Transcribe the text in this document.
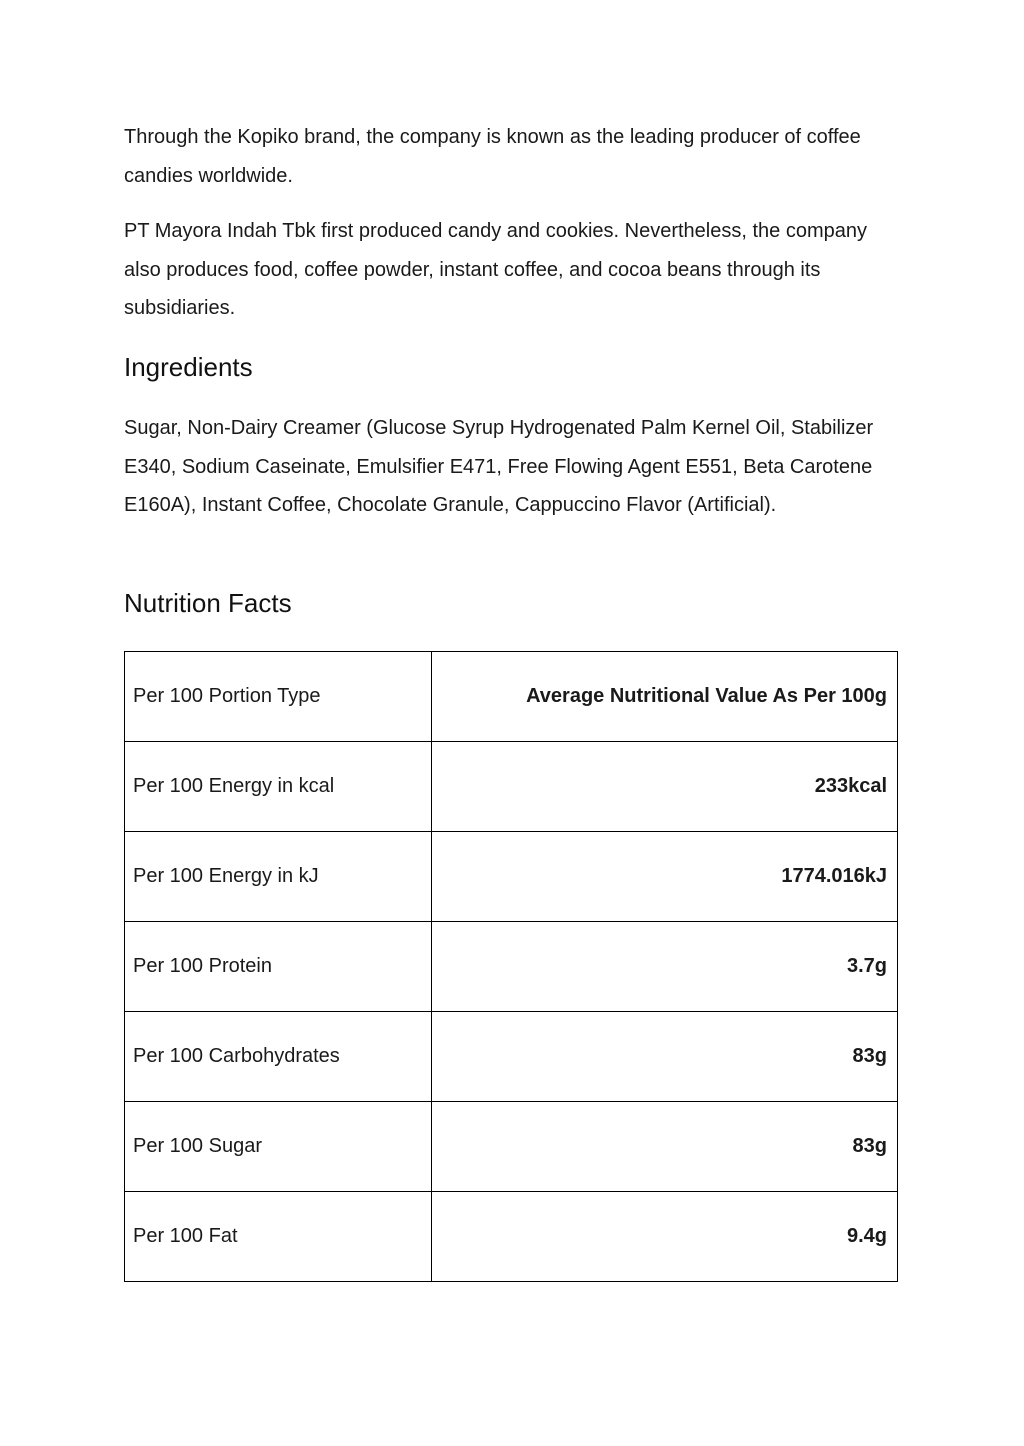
Through the Kopiko brand, the company is known as the leading producer of coffee candies worldwide.

PT Mayora Indah Tbk first produced candy and cookies. Nevertheless, the company also produces food, coffee powder, instant coffee, and cocoa beans through its subsidiaries.

Ingredients

Sugar, Non-Dairy Creamer (Glucose Syrup Hydrogenated Palm Kernel Oil, Stabilizer E340, Sodium Caseinate, Emulsifier E471, Free Flowing Agent E551, Beta Carotene E160A), Instant Coffee, Chocolate Granule, Cappuccino Flavor (Artificial).

Nutrition Facts
Per 100 Portion Type	Average Nutritional Value As Per 100g
Per 100 Energy in kcal	233kcal
Per 100 Energy in kJ	1774.016kJ
Per 100 Protein	3.7g
Per 100 Carbohydrates	83g
Per 100 Sugar	83g
Per 100 Fat	9.4g
